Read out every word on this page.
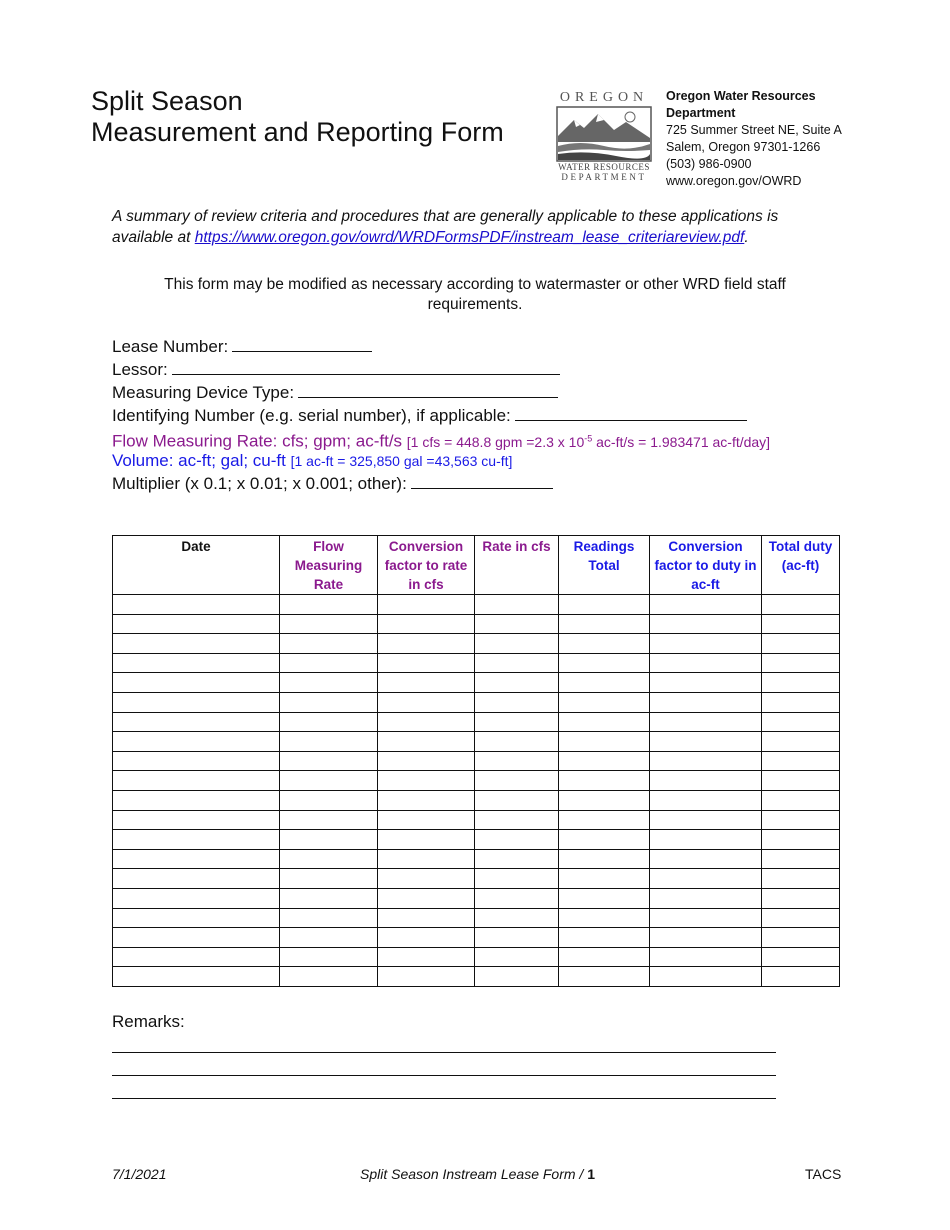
Split Season
Measurement and Reporting Form
OREGON
WATER RESOURCES
DEPARTMENT
Oregon Water Resources
Department
725 Summer Street NE, Suite A
Salem, Oregon 97301-1266
(503) 986-0900
www.oregon.gov/OWRD
A summary of review criteria and procedures that are generally applicable to these applications is available at https://www.oregon.gov/owrd/WRDFormsPDF/instream_lease_criteriareview.pdf.
This form may be modified as necessary according to watermaster or other WRD field staff requirements.
Lease Number:
Lessor:
Measuring Device Type:
Identifying Number (e.g. serial number), if applicable:
Flow Measuring Rate: cfs; gpm; ac-ft/s [1 cfs = 448.8 gpm =2.3 x $10^{-5}$ ac-ft/s = 1.983471 ac-ft/day]
Volume: ac-ft; gal; cu-ft [1 ac-ft = 325,850 gal =43,563 cu-ft]
Multiplier (x 0.1; x 0.01; x 0.001; other):
Date	Flow Measuring Rate	Conversion factor to rate in cfs	Rate in cfs	Readings Total	Conversion factor to duty in ac-ft	Total duty (ac-ft)

Remarks:
7/1/2021	Split Season Instream Lease Form / 1	TACS
